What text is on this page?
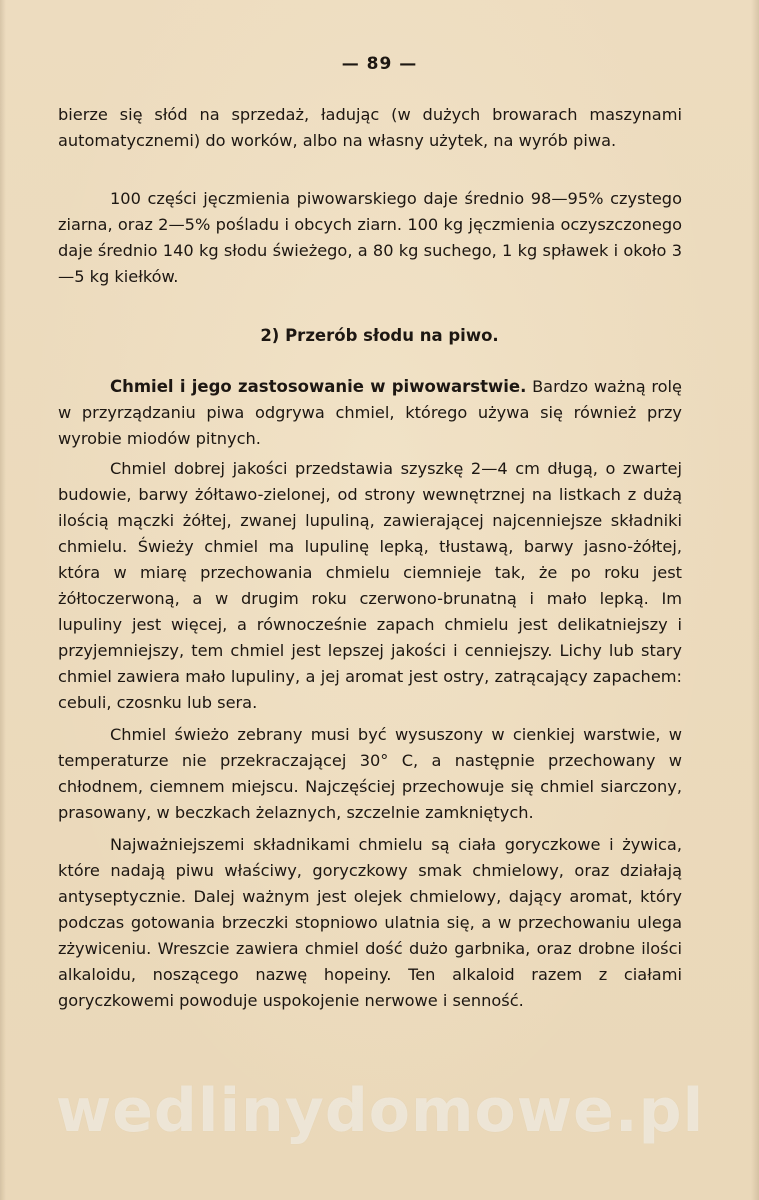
— 89 —

bierze się słód na sprzedaż, ładując (w dużych browarach maszynami automatycznemi) do worków, albo na własny użytek, na wyrób piwa.

100 części jęczmienia piwowarskiego daje średnio 98—95% czystego ziarna, oraz 2—5% pośladu i obcych ziarn. 100 kg jęczmienia oczyszczonego daje średnio 140 kg słodu świeżego, a 80 kg suchego, 1 kg spławek i około 3—5 kg kiełków.

2) Przerób słodu na piwo.

Chmiel i jego zastosowanie w piwowarstwie. Bardzo ważną rolę w przyrządzaniu piwa odgrywa chmiel, którego używa się również przy wyrobie miodów pitnych.

Chmiel dobrej jakości przedstawia szyszkę 2—4 cm długą, o zwartej budowie, barwy żółtawo-zielonej, od strony wewnętrznej na listkach z dużą ilością mączki żółtej, zwanej lupuliną, zawierającej najcenniejsze składniki chmielu. Świeży chmiel ma lupulinę lepką, tłustawą, barwy jasno-żółtej, która w miarę przechowania chmielu ciemnieje tak, że po roku jest żółtoczerwoną, a w drugim roku czerwono-brunatną i mało lepką. Im lupuliny jest więcej, a równocześnie zapach chmielu jest delikatniejszy i przyjemniejszy, tem chmiel jest lepszej jakości i cenniejszy. Lichy lub stary chmiel zawiera mało lupuliny, a jej aromat jest ostry, zatrącający zapachem: cebuli, czosnku lub sera.

Chmiel świeżo zebrany musi być wysuszony w cienkiej warstwie, w temperaturze nie przekraczającej 30° C, a następnie przechowany w chłodnem, ciemnem miejscu. Najczęściej przechowuje się chmiel siarczony, prasowany, w beczkach żelaznych, szczelnie zamkniętych.

Najważniejszemi składnikami chmielu są ciała goryczkowe i żywica, które nadają piwu właściwy, goryczkowy smak chmielowy, oraz działają antyseptycznie. Dalej ważnym jest olejek chmielowy, dający aromat, który podczas gotowania brzeczki stopniowo ulatnia się, a w przechowaniu ulega zżywiceniu. Wreszcie zawiera chmiel dość dużo garbnika, oraz drobne ilości alkaloidu, noszącego nazwę hopeiny. Ten alkaloid razem z ciałami goryczkowemi powoduje uspokojenie nerwowe i senność.

wedlinydomowe.pl
